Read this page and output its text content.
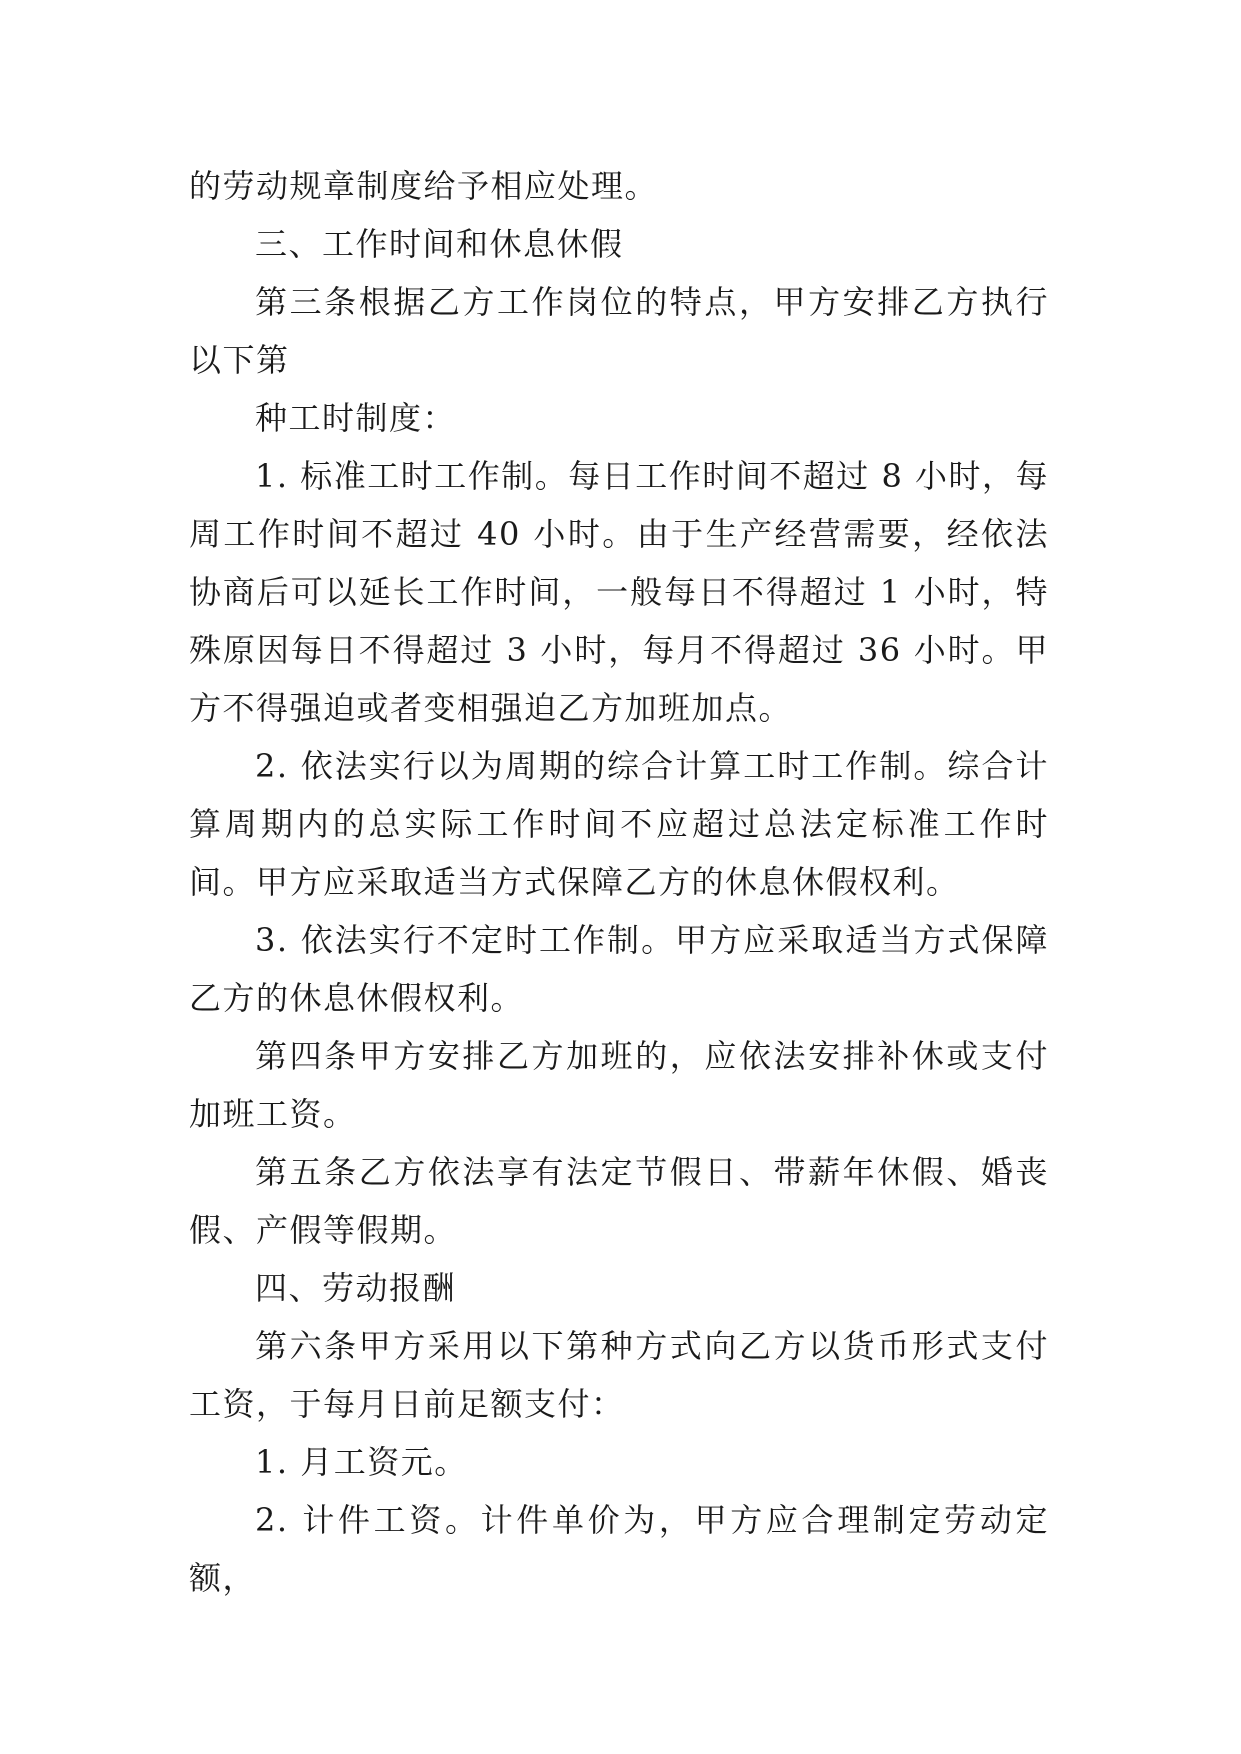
的劳动规章制度给予相应处理。

三、工作时间和休息休假

第三条根据乙方工作岗位的特点，甲方安排乙方执行以下第

种工时制度：

1. 标准工时工作制。每日工作时间不超过 8 小时，每周工作时间不超过 40 小时。由于生产经营需要，经依法协商后可以延长工作时间，一般每日不得超过 1 小时，特殊原因每日不得超过 3 小时，每月不得超过 36 小时。甲方不得强迫或者变相强迫乙方加班加点。

2. 依法实行以为周期的综合计算工时工作制。综合计算周期内的总实际工作时间不应超过总法定标准工作时间。甲方应采取适当方式保障乙方的休息休假权利。

3. 依法实行不定时工作制。甲方应采取适当方式保障乙方的休息休假权利。

第四条甲方安排乙方加班的，应依法安排补休或支付加班工资。

第五条乙方依法享有法定节假日、带薪年休假、婚丧假、产假等假期。

四、劳动报酬

第六条甲方采用以下第种方式向乙方以货币形式支付工资，于每月日前足额支付：

1. 月工资元。

2. 计件工资。计件单价为，甲方应合理制定劳动定额，
